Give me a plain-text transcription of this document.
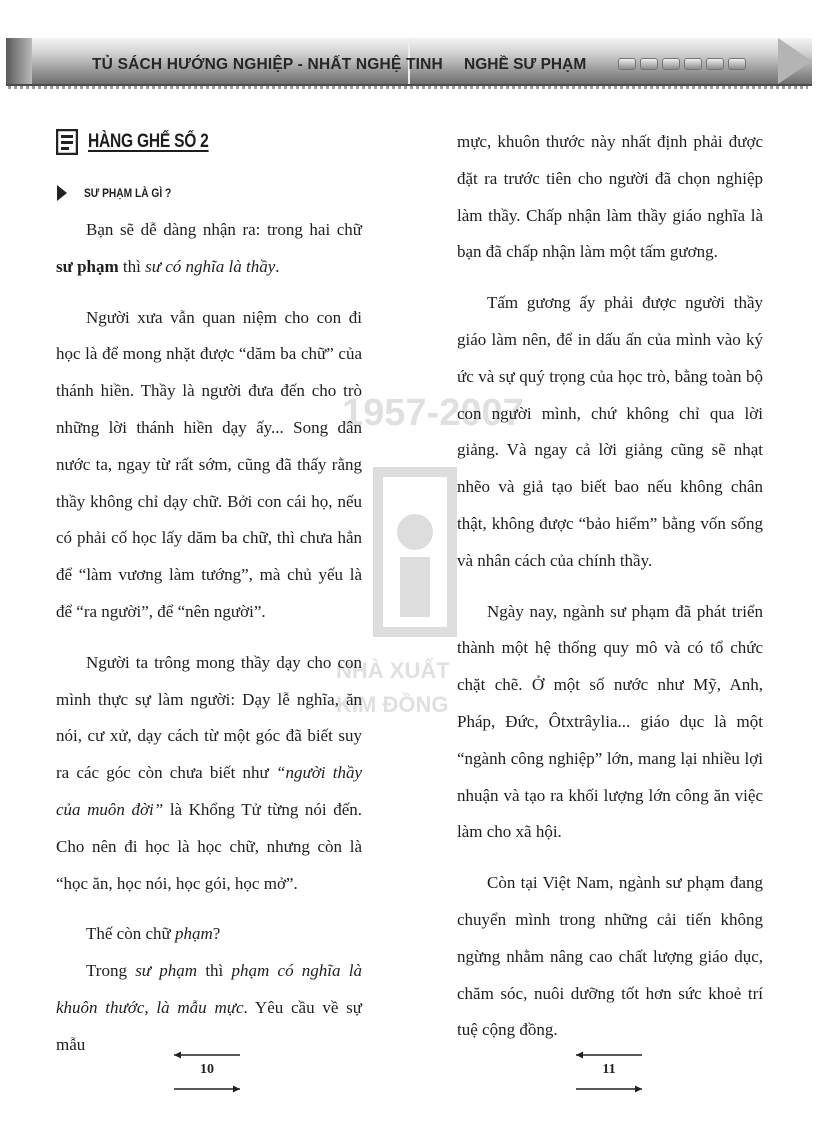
TỦ SÁCH HƯỚNG NGHIỆP - NHẤT NGHỆ TINH NGHỀ SƯ PHẠM
1957-2007
NHÀ XUẤT
KIM ĐỒNG
HÀNG GHẾ SỐ 2
SƯ PHẠM LÀ GÌ ?

Bạn sẽ dễ dàng nhận ra: trong hai chữ sư phạm thì sư có nghĩa là thầy.

Người xưa vẫn quan niệm cho con đi học là để mong nhặt được “dăm ba chữ” của thánh hiền. Thầy là người đưa đến cho trò những lời thánh hiền dạy ấy... Song dân nước ta, ngay từ rất sớm, cũng đã thấy rằng thầy không chỉ dạy chữ. Bởi con cái họ, nếu có phải cố học lấy dăm ba chữ, thì chưa hẳn để “làm vương làm tướng”, mà chủ yếu là để “ra người”, để “nên người”.

Người ta trông mong thầy dạy cho con mình thực sự làm người: Dạy lễ nghĩa, ăn nói, cư xử, dạy cách từ một góc đã biết suy ra các góc còn chưa biết như “người thầy của muôn đời” là Khổng Tử từng nói đến. Cho nên đi học là học chữ, nhưng còn là “học ăn, học nói, học gói, học mở”.

Thế còn chữ phạm?

Trong sư phạm thì phạm có nghĩa là khuôn thước, là mẫu mực. Yêu cầu về sự mẫu

mực, khuôn thước này nhất định phải được đặt ra trước tiên cho người đã chọn nghiệp làm thầy. Chấp nhận làm thầy giáo nghĩa là bạn đã chấp nhận làm một tấm gương.

Tấm gương ấy phải được người thầy giáo làm nên, để in dấu ấn của mình vào ký ức và sự quý trọng của học trò, bằng toàn bộ con người mình, chứ không chỉ qua lời giảng. Và ngay cả lời giảng cũng sẽ nhạt nhẽo và giả tạo biết bao nếu không chân thật, không được “bảo hiểm” bằng vốn sống và nhân cách của chính thầy.

Ngày nay, ngành sư phạm đã phát triển thành một hệ thống quy mô và có tổ chức chặt chẽ. Ở một số nước như Mỹ, Anh, Pháp, Đức, Ôtxtrâylia... giáo dục là một “ngành công nghiệp” lớn, mang lại nhiều lợi nhuận và tạo ra khối lượng lớn công ăn việc làm cho xã hội.

Còn tại Việt Nam, ngành sư phạm đang chuyển mình trong những cải tiến không ngừng nhằm nâng cao chất lượng giáo dục, chăm sóc, nuôi dưỡng tốt hơn sức khoẻ trí tuệ cộng đồng.

10	11
